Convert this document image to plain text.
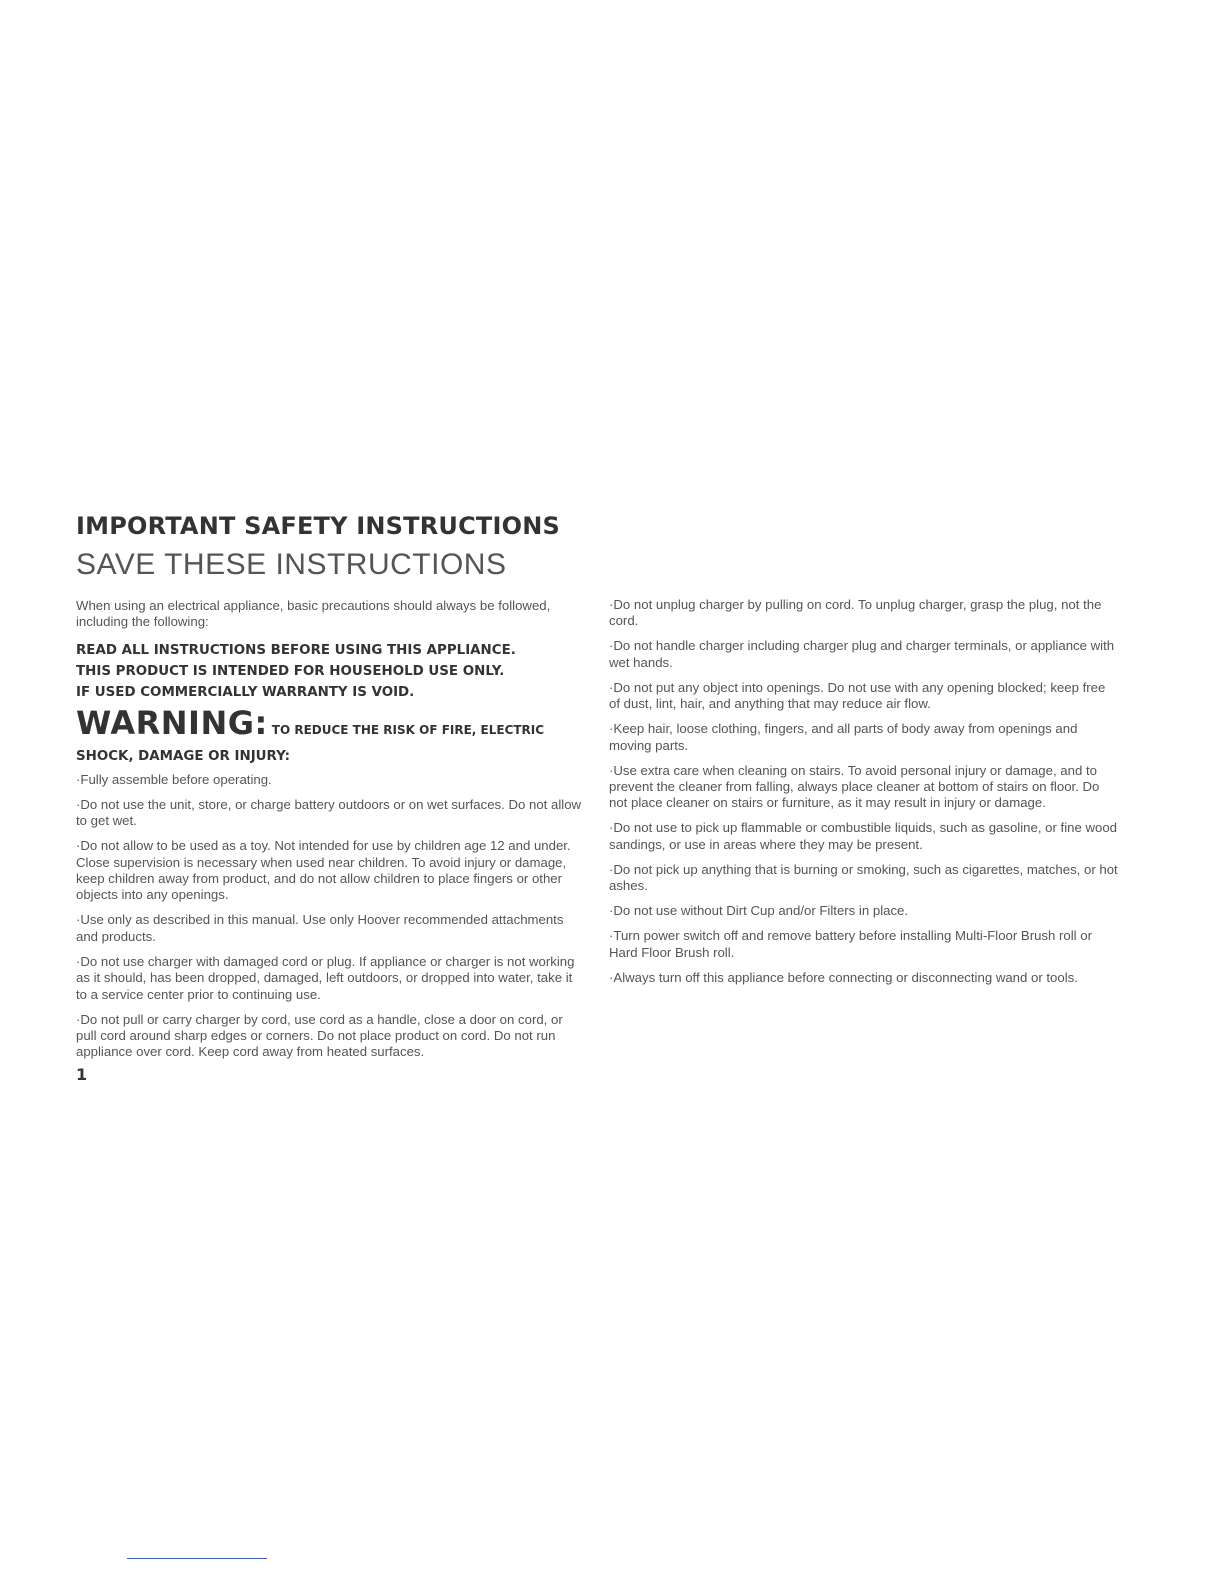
IMPORTANT SAFETY INSTRUCTIONS
SAVE THESE INSTRUCTIONS

When using an electrical appliance, basic precautions should always be followed, including the following:

READ ALL INSTRUCTIONS BEFORE USING THIS APPLIANCE.

THIS PRODUCT IS INTENDED FOR HOUSEHOLD USE ONLY.

IF USED COMMERCIALLY WARRANTY IS VOID.

WARNING: TO REDUCE THE RISK OF FIRE, ELECTRIC
SHOCK, DAMAGE OR INJURY:

·Fully assemble before operating.

·Do not use the unit, store, or charge battery outdoors or on wet surfaces. Do not allow to get wet.

·Do not allow to be used as a toy. Not intended for use by children age 12 and under. Close supervision is necessary when used near children. To avoid injury or damage, keep children away from product, and do not allow children to place fingers or other objects into any openings.

·Use only as described in this manual. Use only Hoover recommended attachments and products.

·Do not use charger with damaged cord or plug. If appliance or charger is not working as it should, has been dropped, damaged, left outdoors, or dropped into water, take it to a service center prior to continuing use.

·Do not pull or carry charger by cord, use cord as a handle, close a door on cord, or pull cord around sharp edges or corners. Do not place product on cord. Do not run appliance over cord. Keep cord away from heated surfaces.

·Do not unplug charger by pulling on cord. To unplug charger, grasp the plug, not the cord.

·Do not handle charger including charger plug and charger terminals, or appliance with wet hands.

·Do not put any object into openings. Do not use with any opening blocked; keep free of dust, lint, hair, and anything that may reduce air flow.

·Keep hair, loose clothing, fingers, and all parts of body away from openings and moving parts.

·Use extra care when cleaning on stairs. To avoid personal injury or damage, and to prevent the cleaner from falling, always place cleaner at bottom of stairs on floor. Do not place cleaner on stairs or furniture, as it may result in injury or damage.

·Do not use to pick up flammable or combustible liquids, such as gasoline, or fine wood sandings, or use in areas where they may be present.

·Do not pick up anything that is burning or smoking, such as cigarettes, matches, or hot ashes.

·Do not use without Dirt Cup and/or Filters in place.

·Turn power switch off and remove battery before installing Multi-Floor Brush roll or Hard Floor Brush roll.

·Always turn off this appliance before connecting or disconnecting wand or tools.

1
